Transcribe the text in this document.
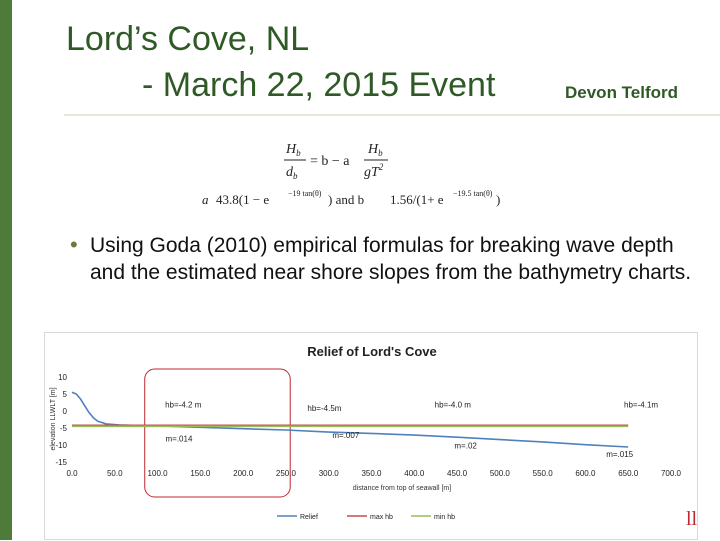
Lord’s Cove, NL
- March 22, 2015 Event	Devon Telford
$H_b$
$d_b$
= b − a
$H_b$
$gT^2$
a 43.8(1 − e −19 tan(θ) ) and b 1.56/(1+ e −19.5 tan(θ) )
• Using Goda (2010) empirical formulas for breaking wave depth and the estimated near shore slopes from the bathymetry charts.
Relief of Lord's Cove
elevation LLWLT [m]
10
5
0
-5
-10
-15
0.0	50.0	100.0	150.0	200.0	250.0	300.0	350.0	400.0	450.0	500.0	550.0	600.0	650.0	700.0
distance from top of seawall [m]
hb=-4.2 m	hb=-4.5m	hb=-4.0 m	hb=-4.1m
m=.014	m=.007
m=.02
m=.015
Relief	max hb	min hb	ll
